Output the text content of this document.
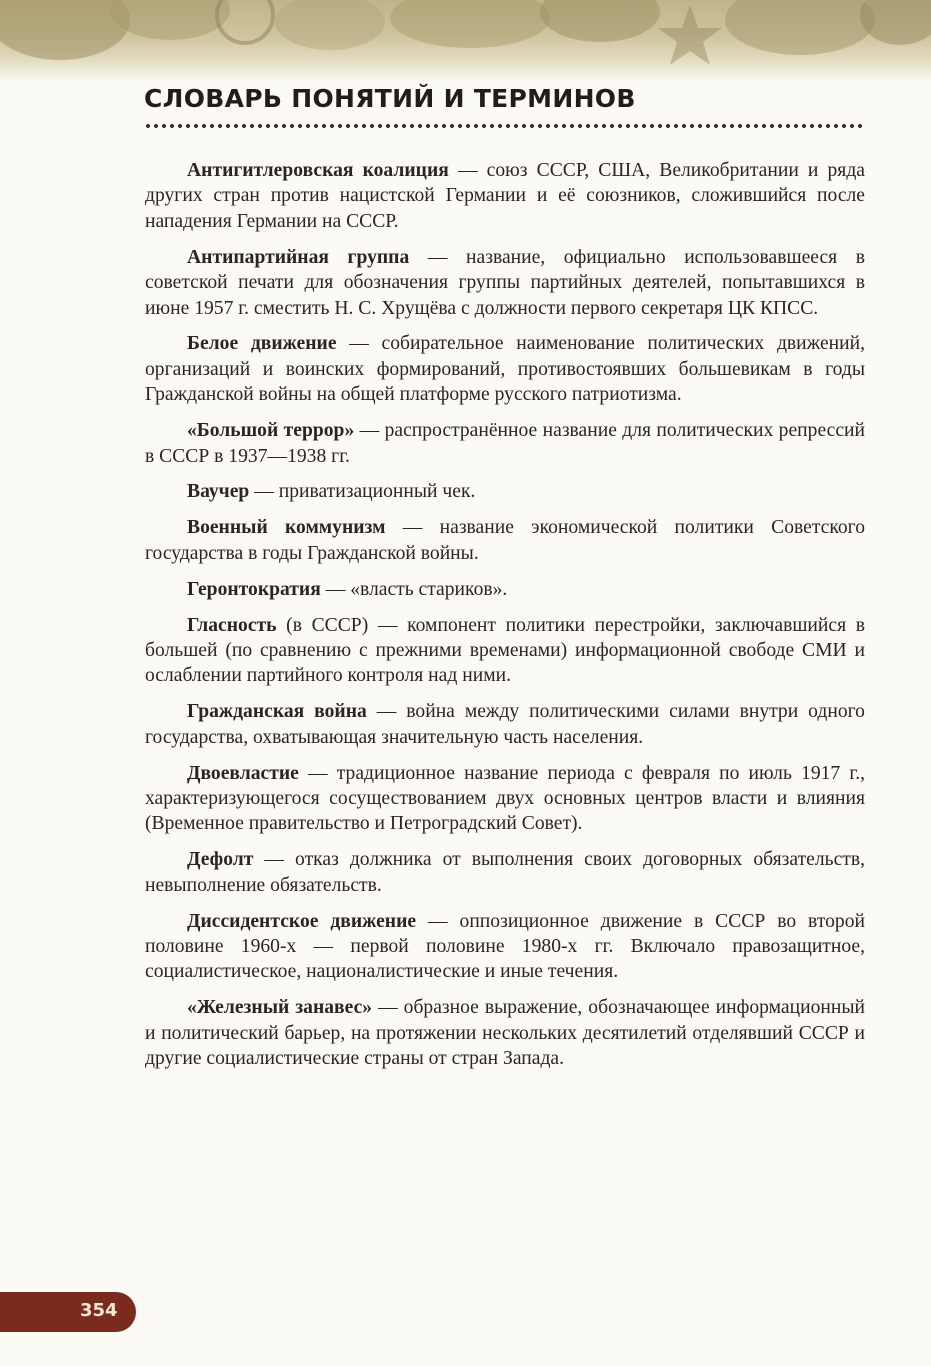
СЛОВАРЬ ПОНЯТИЙ И ТЕРМИНОВ

Антигитлеровская коалиция — союз СССР, США, Великобритании и ряда других стран против нацистской Германии и её союзников, сложившийся после нападения Германии на СССР.

Антипартийная группа — название, официально использовавшееся в советской печати для обозначения группы партийных деятелей, попытавшихся в июне 1957 г. сместить Н. С. Хрущёва с должности первого секретаря ЦК КПСС.

Белое движение — собирательное наименование политических движений, организаций и воинских формирований, противостоявших большевикам в годы Гражданской войны на общей платформе русского патриотизма.

«Большой террор» — распространённое название для политических репрессий в СССР в 1937—1938 гг.

Ваучер — приватизационный чек.

Военный коммунизм — название экономической политики Советского государства в годы Гражданской войны.

Геронтократия — «власть стариков».

Гласность (в СССР) — компонент политики перестройки, заключавшийся в большей (по сравнению с прежними временами) информационной свободе СМИ и ослаблении партийного контроля над ними.

Гражданская война — война между политическими силами внутри одного государства, охватывающая значительную часть населения.

Двоевластие — традиционное название периода с февраля по июль 1917 г., характеризующегося сосуществованием двух основных центров власти и влияния (Временное правительство и Петроградский Совет).

Дефолт — отказ должника от выполнения своих договорных обязательств, невыполнение обязательств.

Диссидентское движение — оппозиционное движение в СССР во второй половине 1960-х — первой половине 1980-х гг. Включало правозащитное, социалистическое, националистические и иные течения.

«Железный занавес» — образное выражение, обозначающее информационный и политический барьер, на протяжении нескольких десятилетий отделявший СССР и другие социалистические страны от стран Запада.

354
